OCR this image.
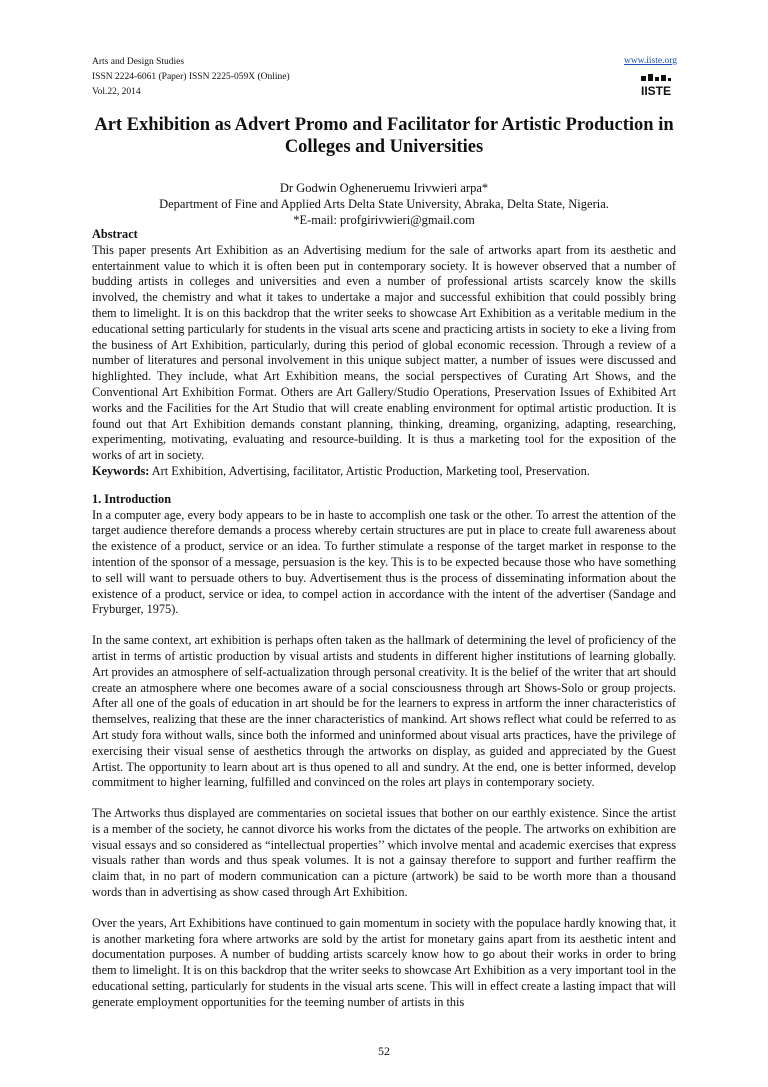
Arts and Design Studies
ISSN 2224-6061 (Paper) ISSN 2225-059X (Online)
Vol.22, 2014
www.iiste.org
IISTE
Art Exhibition as Advert Promo and Facilitator for Artistic Production in Colleges and Universities
Dr Godwin Ogheneruemu Irivwieri arpa*
Department of Fine and Applied Arts Delta State University, Abraka, Delta State, Nigeria.
*E-mail: profgirivwieri@gmail.com
Abstract
This paper presents Art Exhibition as an Advertising medium for the sale of artworks apart from its aesthetic and entertainment value to which it is often been put in contemporary society. It is however observed that a number of budding artists in colleges and universities and even a number of professional artists scarcely know the skills involved, the chemistry and what it takes to undertake a major and successful exhibition that could possibly bring them to limelight. It is on this backdrop that the writer seeks to showcase Art Exhibition as a veritable medium in the educational setting particularly for students in the visual arts scene and practicing artists in society to eke a living from the business of Art Exhibition, particularly, during this period of global economic recession. Through a review of a number of literatures and personal involvement in this unique subject matter, a number of issues were discussed and highlighted. They include, what Art Exhibition means, the social perspectives of Curating Art Shows, and the Conventional Art Exhibition Format. Others are Art Gallery/Studio Operations, Preservation Issues of Exhibited Art works and the Facilities for the Art Studio that will create enabling environment for optimal artistic production. It is found out that Art Exhibition demands constant planning, thinking, dreaming, organizing, adapting, researching, experimenting, motivating, evaluating and resource-building. It is thus a marketing tool for the exposition of the works of art in society.

Keywords: Art Exhibition, Advertising, facilitator, Artistic Production, Marketing tool, Preservation.

1. Introduction

In a computer age, every body appears to be in haste to accomplish one task or the other. To arrest the attention of the target audience therefore demands a process whereby certain structures are put in place to create full awareness about the existence of a product, service or an idea. To further stimulate a response of the target market in response to the intention of the sponsor of a message, persuasion is the key. This is to be expected because those who have something to sell will want to persuade others to buy. Advertisement thus is the process of disseminating information about the existence of a product, service or idea, to compel action in accordance with the intent of the advertiser (Sandage and Fryburger, 1975).

In the same context, art exhibition is perhaps often taken as the hallmark of determining the level of proficiency of the artist in terms of artistic production by visual artists and students in different higher institutions of learning globally. Art provides an atmosphere of self-actualization through personal creativity. It is the belief of the writer that art should create an atmosphere where one becomes aware of a social consciousness through art Shows-Solo or group projects. After all one of the goals of education in art should be for the learners to express in artform the inner characteristics of themselves, realizing that these are the inner characteristics of mankind. Art shows reflect what could be referred to as Art study fora without walls, since both the informed and uninformed about visual arts practices, have the privilege of exercising their visual sense of aesthetics through the artworks on display, as guided and appreciated by the Guest Artist. The opportunity to learn about art is thus opened to all and sundry. At the end, one is better informed, develop commitment to higher learning, fulfilled and convinced on the roles art plays in contemporary society.

The Artworks thus displayed are commentaries on societal issues that bother on our earthly existence. Since the artist is a member of the society, he cannot divorce his works from the dictates of the people. The artworks on exhibition are visual essays and so considered as “intellectual properties’’ which involve mental and academic exercises that express visuals rather than words and thus speak volumes. It is not a gainsay therefore to support and further reaffirm the claim that, in no part of modern communication can a picture (artwork) be said to be worth more than a thousand words than in advertising as show cased through Art Exhibition.

Over the years, Art Exhibitions have continued to gain momentum in society with the populace hardly knowing that, it is another marketing fora where artworks are sold by the artist for monetary gains apart from its aesthetic intent and documentation purposes. A number of budding artists scarcely know how to go about their works in order to bring them to limelight. It is on this backdrop that the writer seeks to showcase Art Exhibition as a very important tool in the educational setting, particularly for students in the visual arts scene. This will in effect create a lasting impact that will generate employment opportunities for the teeming number of artists in this

52
